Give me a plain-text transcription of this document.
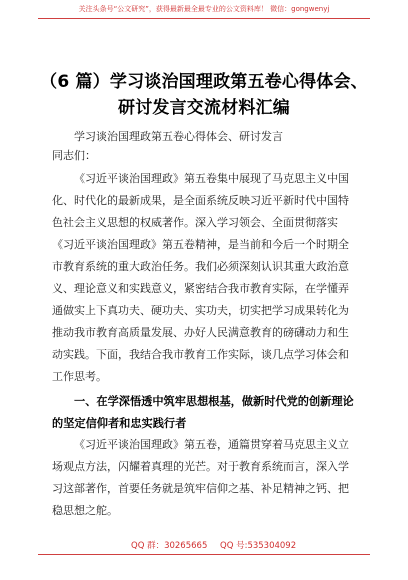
关注头条号“公文研究”，获得最新最全最专业的公文资料库！ 微信：gongwenyj
（6 篇）学习谈治国理政第五卷心得体会、
研讨发言交流材料汇编
学习谈治国理政第五卷心得体会、研讨发言
同志们：
《习近平谈治国理政》第五卷集中展现了马克思主义中国
化、时代化的最新成果，是全面系统反映习近平新时代中国特
色社会主义思想的权威著作。深入学习领会、全面贯彻落实
《习近平谈治国理政》第五卷精神，是当前和今后一个时期全
市教育系统的重大政治任务。我们必须深刻认识其重大政治意
义、理论意义和实践意义，紧密结合我市教育实际，在学懂弄
通做实上下真功夫、硬功夫、实功夫，切实把学习成果转化为
推动我市教育高质量发展、办好人民满意教育的磅礴动力和生
动实践。下面，我结合我市教育工作实际，谈几点学习体会和
工作思考。
一、在学深悟透中筑牢思想根基，做新时代党的创新理论
的坚定信仰者和忠实践行者
《习近平谈治国理政》第五卷，通篇贯穿着马克思主义立
场观点方法，闪耀着真理的光芒。对于教育系统而言，深入学
习这部著作，首要任务就是筑牢信仰之基、补足精神之钙、把
稳思想之舵。
QQ 群：30265665 QQ 号:535304092
